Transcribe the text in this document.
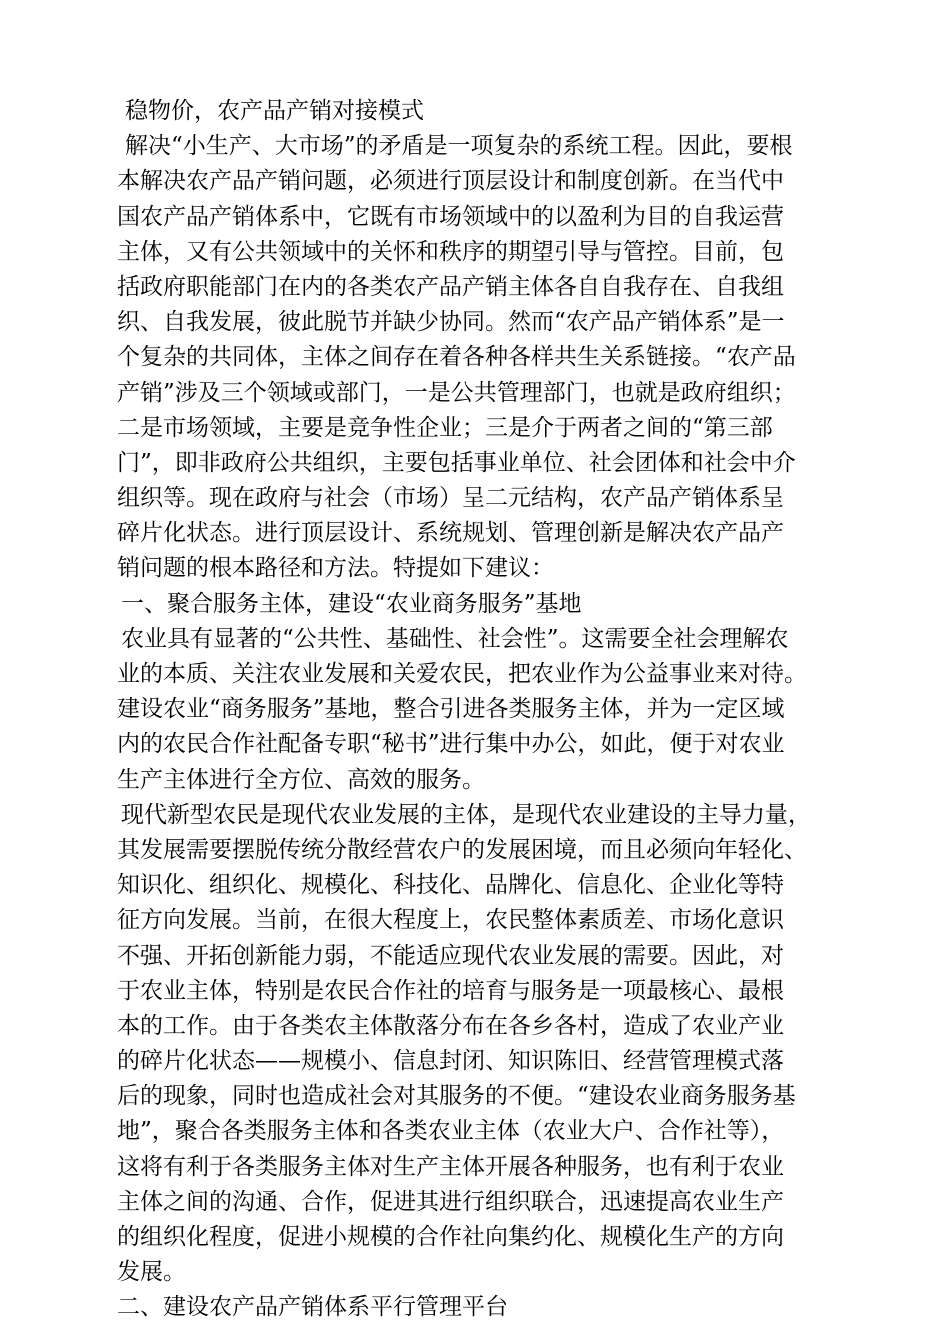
稳物价，农产品产销对接模式
解决“小生产、大市场”的矛盾是一项复杂的系统工程。因此，要根
本解决农产品产销问题，必须进行顶层设计和制度创新。在当代中
国农产品产销体系中，它既有市场领域中的以盈利为目的自我运营
主体，又有公共领域中的关怀和秩序的期望引导与管控。目前，包
括政府职能部门在内的各类农产品产销主体各自自我存在、自我组
织、自我发展，彼此脱节并缺少协同。然而“农产品产销体系”是一
个复杂的共同体，主体之间存在着各种各样共生关系链接。“农产品
产销”涉及三个领域或部门，一是公共管理部门，也就是政府组织；
二是市场领域，主要是竞争性企业；三是介于两者之间的“第三部
门”，即非政府公共组织，主要包括事业单位、社会团体和社会中介
组织等。现在政府与社会（市场）呈二元结构，农产品产销体系呈
碎片化状态。进行顶层设计、系统规划、管理创新是解决农产品产
销问题的根本路径和方法。特提如下建议：
一、聚合服务主体，建设“农业商务服务”基地
农业具有显著的“公共性、基础性、社会性”。这需要全社会理解农
业的本质、关注农业发展和关爱农民，把农业作为公益事业来对待。
建设农业“商务服务”基地，整合引进各类服务主体，并为一定区域
内的农民合作社配备专职“秘书”进行集中办公，如此，便于对农业
生产主体进行全方位、高效的服务。
现代新型农民是现代农业发展的主体，是现代农业建设的主导力量，
其发展需要摆脱传统分散经营农户的发展困境，而且必须向年轻化、
知识化、组织化、规模化、科技化、品牌化、信息化、企业化等特
征方向发展。当前，在很大程度上，农民整体素质差、市场化意识
不强、开拓创新能力弱，不能适应现代农业发展的需要。因此，对
于农业主体，特别是农民合作社的培育与服务是一项最核心、最根
本的工作。由于各类农主体散落分布在各乡各村，造成了农业产业
的碎片化状态——规模小、信息封闭、知识陈旧、经营管理模式落
后的现象，同时也造成社会对其服务的不便。“建设农业商务服务基
地”，聚合各类服务主体和各类农业主体（农业大户、合作社等），
这将有利于各类服务主体对生产主体开展各种服务，也有利于农业
主体之间的沟通、合作，促进其进行组织联合，迅速提高农业生产
的组织化程度，促进小规模的合作社向集约化、规模化生产的方向
发展。
二、建设农产品产销体系平行管理平台
